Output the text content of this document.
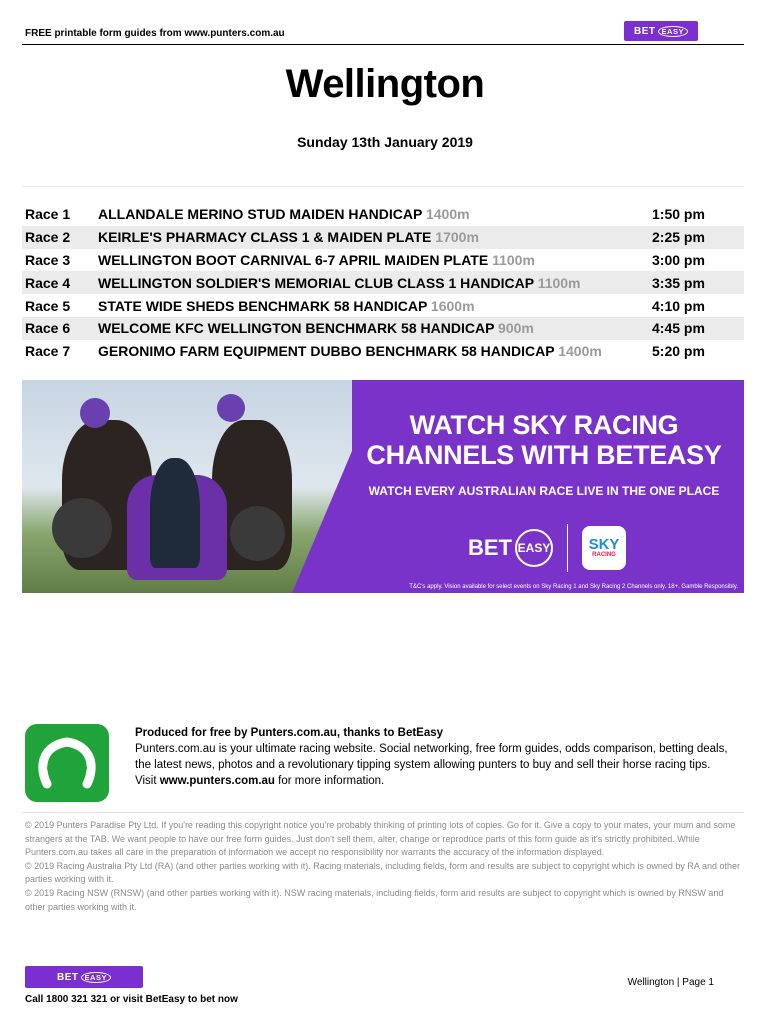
FREE printable form guides from www.punters.com.au	BET EASY
Wellington
Sunday 13th January 2019
Race 1	ALLANDALE MERINO STUD MAIDEN HANDICAP 1400m	1:50 pm
Race 2	KEIRLE'S PHARMACY CLASS 1 & MAIDEN PLATE 1700m	2:25 pm
Race 3	WELLINGTON BOOT CARNIVAL 6-7 APRIL MAIDEN PLATE 1100m	3:00 pm
Race 4	WELLINGTON SOLDIER'S MEMORIAL CLUB CLASS 1 HANDICAP 1100m	3:35 pm
Race 5	STATE WIDE SHEDS BENCHMARK 58 HANDICAP 1600m	4:10 pm
Race 6	WELCOME KFC WELLINGTON BENCHMARK 58 HANDICAP 900m	4:45 pm
Race 7	GERONIMO FARM EQUIPMENT DUBBO BENCHMARK 58 HANDICAP 1400m	5:20 pm
WATCH SKY RACING
CHANNELS WITH BETEASY
WATCH EVERY AUSTRALIAN RACE LIVE IN THE ONE PLACE
BET EASY	SKY
RACING
T&C's apply. Vision available for select events on Sky Racing 1 and Sky Racing 2 Channels only. 18+. Gamble Responsibly.
Produced for free by Punters.com.au, thanks to BetEasy
Punters.com.au is your ultimate racing website. Social networking, free form guides, odds comparison, betting deals, the latest news, photos and a revolutionary tipping system allowing punters to buy and sell their horse racing tips.
Visit www.punters.com.au for more information.
© 2019 Punters Paradise Pty Ltd. If you're reading this copyright notice you're probably thinking of printing lots of copies. Go for it. Give a copy to your mates, your mum and some strangers at the TAB. We want people to have our free form guides. Just don't sell them, alter, change or reproduce parts of this form guide as it's strictly prohibited. While Punters.com.au takes all care in the preparation of information we accept no responsibility nor warrants the accuracy of the information displayed.
© 2019 Racing Australia Pty Ltd (RA) (and other parties working with it). Racing materials, including fields, form and results are subject to copyright which is owned by RA and other parties working with it.
© 2019 Racing NSW (RNSW) (and other parties working with it). NSW racing materials, including fields, form and results are subject to copyright which is owned by RNSW and other parties working with it.
BET EASY	Wellington | Page 1
Call 1800 321 321 or visit BetEasy to bet now
